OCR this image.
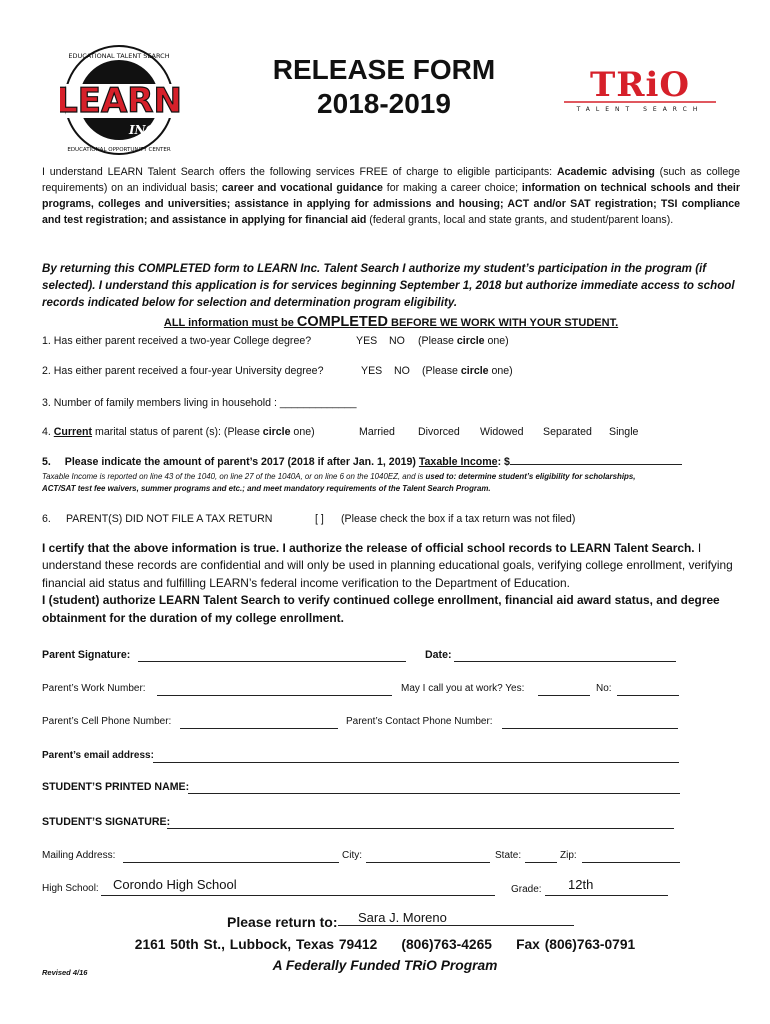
LEARN
INC.
EDUCATIONAL TALENT SEARCH
EDUCATIONAL OPPORTUNITY CENTER
RELEASE FORM
2018-2019	TRiO
TALENT SEARCH
I understand LEARN Talent Search offers the following services FREE of charge to eligible participants: Academic advising (such as college requirements) on an individual basis; career and vocational guidance for making a career choice; information on technical schools and their programs, colleges and universities; assistance in applying for admissions and housing; ACT and/or SAT registration; TSI compliance and test registration; and assistance in applying for financial aid (federal grants, local and state grants, and student/parent loans).
By returning this COMPLETED form to LEARN Inc. Talent Search I authorize my student’s participation in the program (if selected). I understand this application is for services beginning September 1, 2018 but authorize immediate access to school records indicated below for selection and determination program eligibility.
ALL information must be COMPLETED BEFORE WE WORK WITH YOUR STUDENT.
1. Has either parent received a two-year College degree?	YES NO (Please circle one)
2. Has either parent received a four-year University degree?	YES NO (Please circle one)
3. Number of family members living in household : _____________
4. Current marital status of parent (s): (Please circle one)	Married Divorced Widowed Separated Single
5. Please indicate the amount of parent’s 2017 (2018 if after Jan. 1, 2019) Taxable Income: $
Taxable Income is reported on line 43 of the 1040, on line 27 of the 1040A, or on line 6 on the 1040EZ, and is used to: determine student’s eligibility for scholarships,
ACT/SAT test fee waivers, summer programs and etc.; and meet mandatory requirements of the Talent Search Program.
6. PARENT(S) DID NOT FILE A TAX RETURN	[ ] (Please check the box if a tax return was not filed)
I certify that the above information is true. I authorize the release of official school records to LEARN Talent Search. I understand these records are confidential and will only be used in planning educational goals, verifying college enrollment, verifying financial aid status and fulfilling LEARN’s federal income verification to the Department of Education.
I (student) authorize LEARN Talent Search to verify continued college enrollment, financial aid award status, and degree obtainment for the duration of my college enrollment.
Parent Signature:	Date:
Parent’s Work Number:	May I call you at work? Yes:	No:
Parent’s Cell Phone Number:	Parent’s Contact Phone Number:
Parent’s email address:
STUDENT’S PRINTED NAME:
STUDENT’S SIGNATURE:
Mailing Address:	City:	State:	Zip:
High School: Corondo High School	Grade: 12th
Please return to: Sara J. Moreno
2161 50th St., Lubbock, Texas 79412     (806)763-4265     Fax (806)763-0791
A Federally Funded TRiO Program
Revised 4/16
